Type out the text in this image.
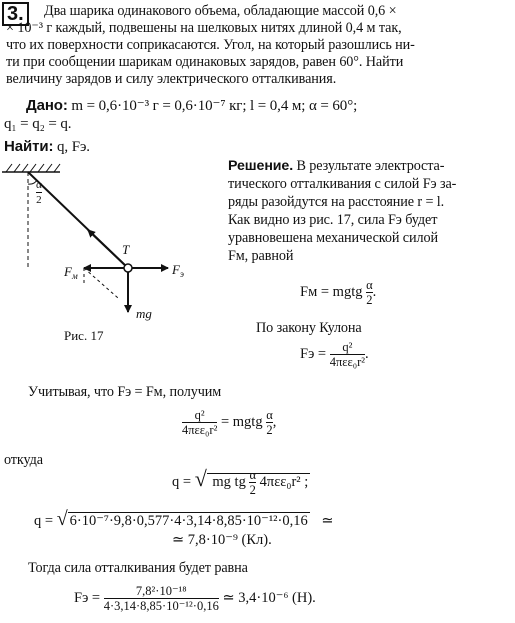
3.	Два шарика одинакового объема, обладающие массой 0,6 ×
× 10⁻³ г каждый, подвешены на шелковых нитях длиной 0,4 м так,
что их поверхности соприкасаются. Угол, на который разошлись ни-
ти при сообщении шарикам одинаковых зарядов, равен 60°. Найти
величину зарядов и силу электрического отталкивания.
Дано: m = 0,6·10⁻³ г = 0,6·10⁻⁷ кг; l = 0,4 м; α = 60°;
q₁ = q₂ = q.
Найти: q, Fэ.
$\frac{\alpha}{2}$
T
$F_м$	$F_э$
mg
Рис. 17
Решение. В результате электроста-
тического отталкивания с силой Fэ за-
ряды разойдутся на расстояние r = l.
Как видно из рис. 17, сила Fэ будет
уравновешена механической силой
Fм, равной
Fм = mgtg $\frac{\alpha}{2}$ .
По закону Кулона
Fэ = $\frac{\text{q²}}{\text{4πεε₀r²}}$ .
Учитывая, что Fэ = Fм, получим
$\frac{\text{q²}}{\text{4πεε₀r²}}$ = mgtg $\frac{\alpha}{2}$ ,
откуда
q = √ mg tg $\frac{\alpha}{2} 4\pi\varepsilon\varepsilon_0r^2$ ;
q = √ 6·10⁻⁷·9,8·0,577·4·3,14·8,85·10⁻¹²·0,16 ≃
≃ 7,8·10⁻⁹ (Кл).
Тогда сила отталкивания будет равна
Fэ = $\frac{\text{7,8²·10⁻¹⁸}}{\text{4·3,14·8,85·10⁻¹²·0,16}}$ ≃ 3,4·10⁻⁶ (Н).
